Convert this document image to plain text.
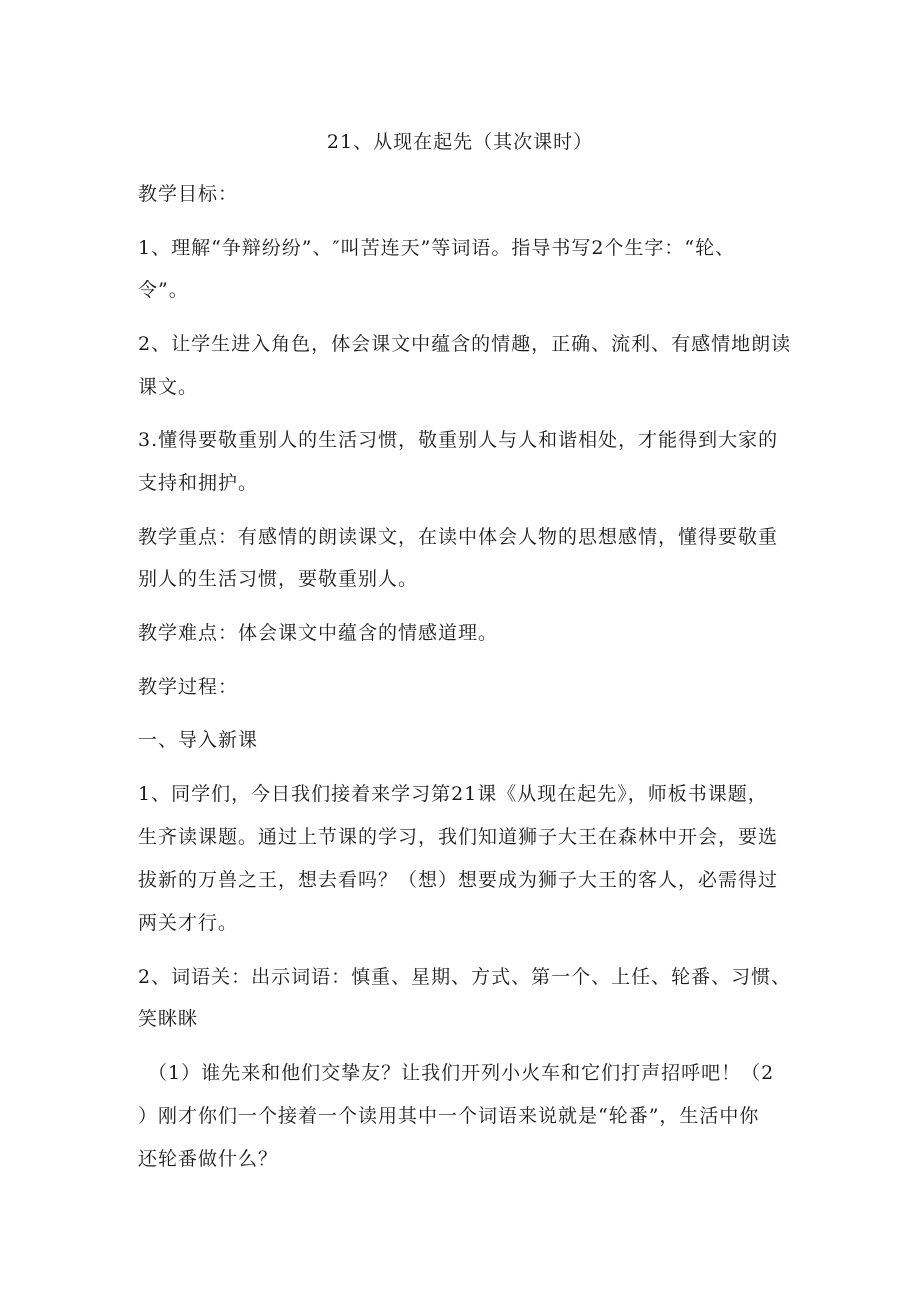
21、从现在起先（其次课时）
教学目标：
1、理解“争辩纷纷”、″叫苦连天”等词语。指导书写2个生字：“轮、
令”。
2、让学生进入角色，体会课文中蕴含的情趣，正确、流利、有感情地朗读
课文。
3.懂得要敬重别人的生活习惯，敬重别人与人和谐相处，才能得到大家的
支持和拥护。
教学重点：有感情的朗读课文，在读中体会人物的思想感情，懂得要敬重
别人的生活习惯，要敬重别人。
教学难点：体会课文中蕴含的情感道理。
教学过程：
一、导入新课
1、同学们，今日我们接着来学习第21课《从现在起先》，师板书课题，
生齐读课题。通过上节课的学习，我们知道狮子大王在森林中开会，要选
拔新的万兽之王，想去看吗？（想）想要成为狮子大王的客人，必需得过
两关才行。
2、词语关：出示词语：慎重、星期、方式、第一个、上任、轮番、习惯、
笑眯眯
（1）谁先来和他们交挚友？让我们开列小火车和它们打声招呼吧！（2
）刚才你们一个接着一个读用其中一个词语来说就是“轮番”，生活中你
还轮番做什么？
